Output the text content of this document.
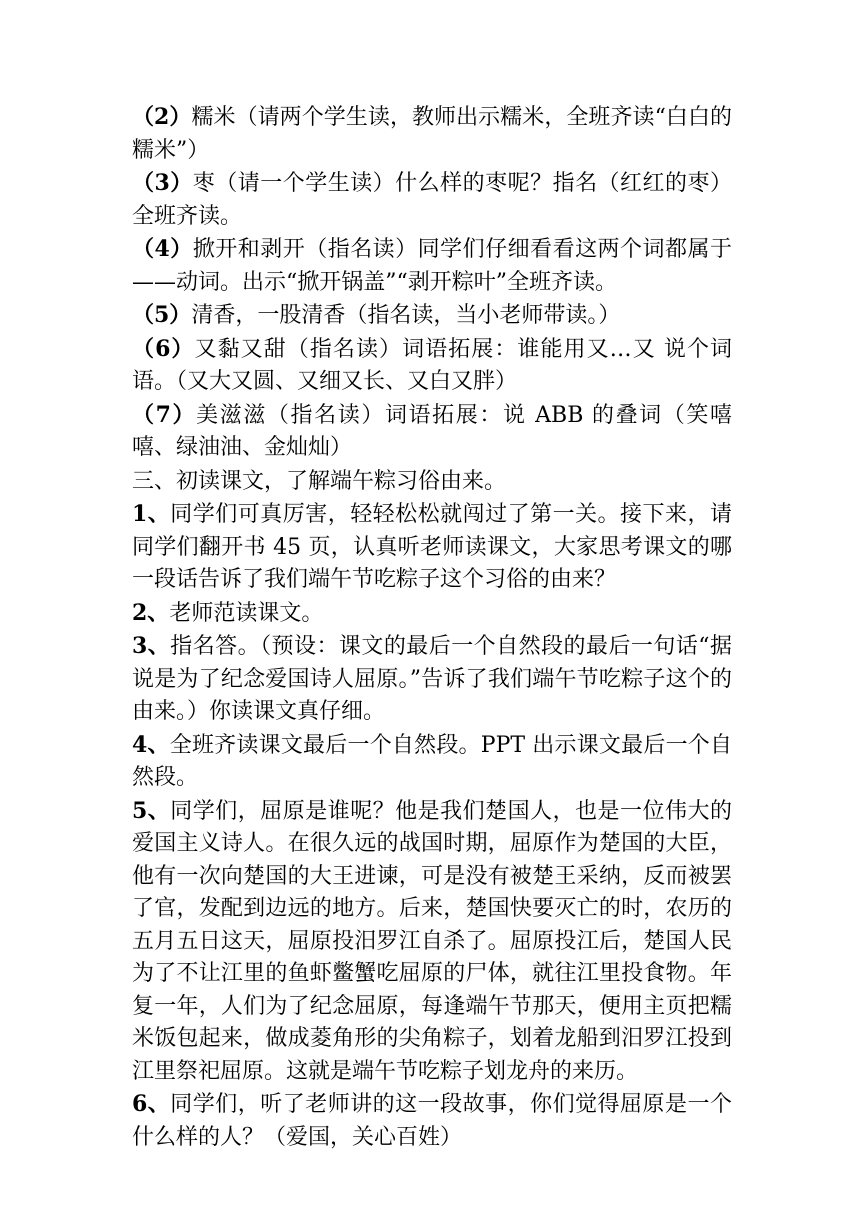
（2）糯米（请两个学生读，教师出示糯米，全班齐读“白白的糯米”）

（3）枣（请一个学生读）什么样的枣呢？指名（红红的枣）全班齐读。

（4）掀开和剥开（指名读）同学们仔细看看这两个词都属于——动词。出示“掀开锅盖”“剥开粽叶”全班齐读。

（5）清香，一股清香（指名读，当小老师带读。）

（6）又黏又甜（指名读）词语拓展：谁能用又…又 说个词语。（又大又圆、又细又长、又白又胖）

（7）美滋滋（指名读）词语拓展：说 ABB 的叠词（笑嘻嘻、绿油油、金灿灿）

三、初读课文，了解端午粽习俗由来。

1、同学们可真厉害，轻轻松松就闯过了第一关。接下来，请同学们翻开书 45 页，认真听老师读课文，大家思考课文的哪一段话告诉了我们端午节吃粽子这个习俗的由来？

2、老师范读课文。

3、指名答。（预设：课文的最后一个自然段的最后一句话“据说是为了纪念爱国诗人屈原。”告诉了我们端午节吃粽子这个的由来。）你读课文真仔细。

4、全班齐读课文最后一个自然段。PPT 出示课文最后一个自然段。

5、同学们，屈原是谁呢？他是我们楚国人，也是一位伟大的爱国主义诗人。在很久远的战国时期，屈原作为楚国的大臣，他有一次向楚国的大王进谏，可是没有被楚王采纳，反而被罢了官，发配到边远的地方。后来，楚国快要灭亡的时，农历的五月五日这天，屈原投汨罗江自杀了。屈原投江后，楚国人民为了不让江里的鱼虾鳖蟹吃屈原的尸体，就往江里投食物。年复一年，人们为了纪念屈原，每逢端午节那天，便用主页把糯米饭包起来，做成菱角形的尖角粽子，划着龙船到汨罗江投到江里祭祀屈原。这就是端午节吃粽子划龙舟的来历。

6、同学们，听了老师讲的这一段故事，你们觉得屈原是一个什么样的人？（爱国，关心百姓）
